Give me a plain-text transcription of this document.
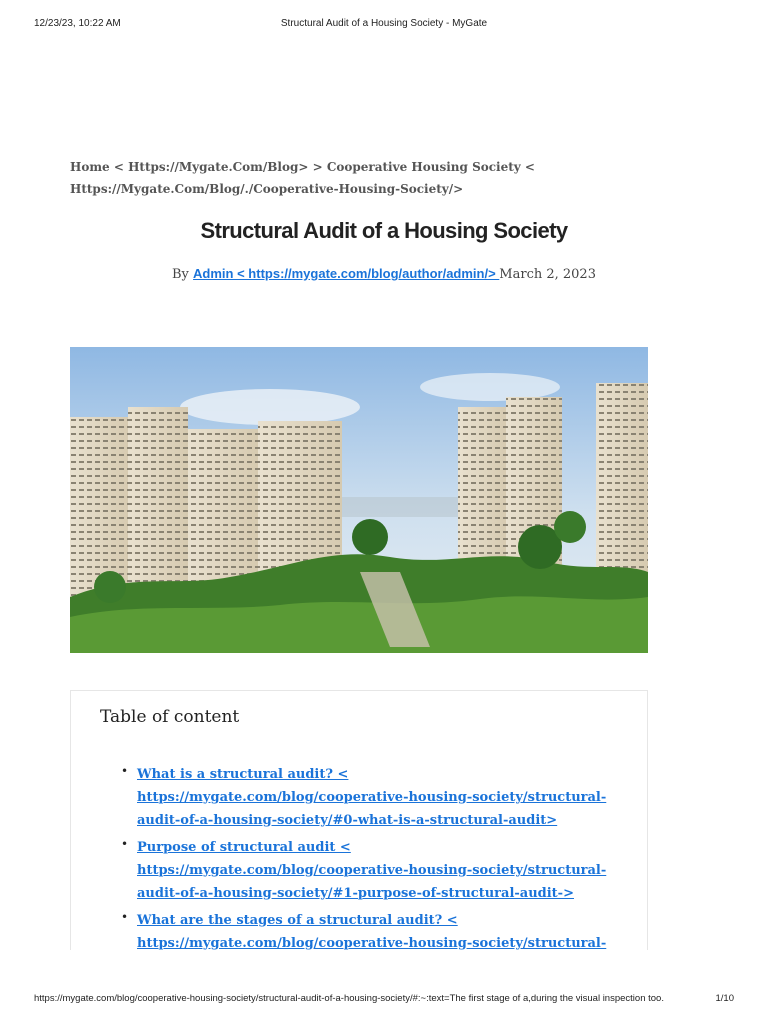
12/23/23, 10:22 AM	Structural Audit of a Housing Society - MyGate
Home < Https://Mygate.Com/Blog> > Cooperative Housing Society < Https://Mygate.Com/Blog/./Cooperative-Housing-Society/>
Structural Audit of a Housing Society
By Admin < https://mygate.com/blog/author/admin/> March 2, 2023
Table of content
• What is a structural audit? < https://mygate.com/blog/cooperative-housing-society/structural-audit-of-a-housing-society/#0-what-is-a-structural-audit>
• Purpose of structural audit < https://mygate.com/blog/cooperative-housing-society/structural-audit-of-a-housing-society/#1-purpose-of-structural-audit->
• What are the stages of a structural audit? < https://mygate.com/blog/cooperative-housing-society/structural-
https://mygate.com/blog/cooperative-housing-society/structural-audit-of-a-housing-society/#:~:text=The first stage of a,during the visual inspection too.	1/10
